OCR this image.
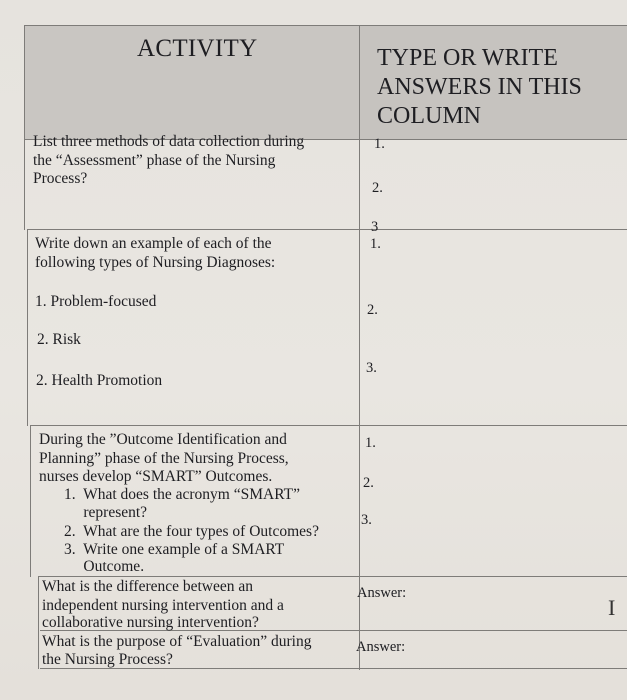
ACTIVITY	TYPE OR WRITE
ANSWERS IN THIS
COLUMN
List three methods of data collection during
the “Assessment” phase of the Nursing
Process?
1.
2.
3
Write down an example of each of the
following types of Nursing Diagnoses:
1. Problem-focused
2. Risk
2. Health Promotion
1.
2.
3.
During the ”Outcome Identification and
Planning” phase of the Nursing Process,
nurses develop “SMART” Outcomes.
1.  What does the acronym “SMART”
represent?
2.  What are the four types of Outcomes?
3.  Write one example of a SMART
Outcome.
1.
2.
3.
What is the difference between an
independent nursing intervention and a
collaborative nursing intervention?
Answer:
What is the purpose of “Evaluation” during
the Nursing Process?
Answer:
I
